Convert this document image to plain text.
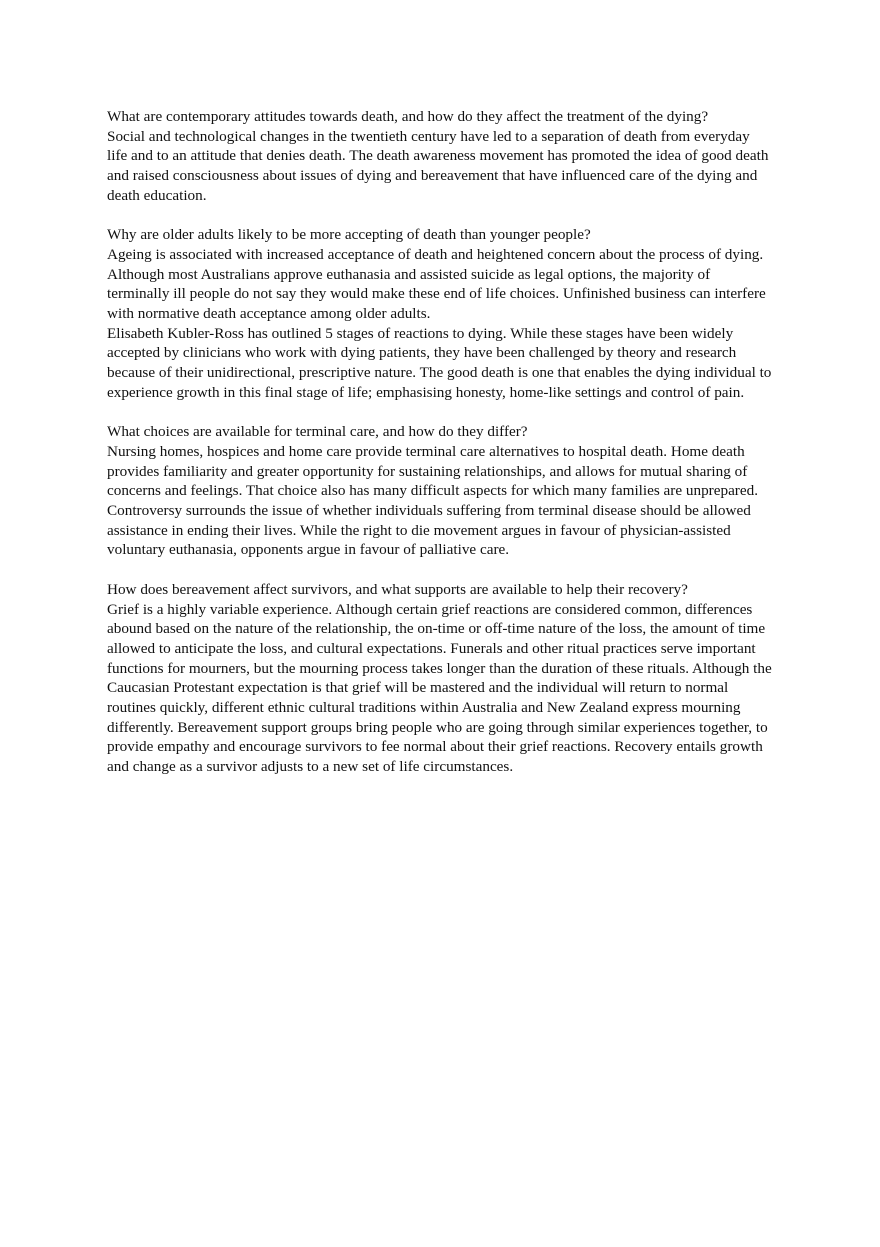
What are contemporary attitudes towards death, and how do they affect the treatment of the dying?

Social and technological changes in the twentieth century have led to a separation of death from everyday life and to an attitude that denies death. The death awareness movement has promoted the idea of good death and raised consciousness about issues of dying and bereavement that have influenced care of the dying and death education.

Why are older adults likely to be more accepting of death than younger people?

Ageing is associated with increased acceptance of death and heightened concern about the process of dying. Although most Australians approve euthanasia and assisted suicide as legal options, the majority of terminally ill people do not say they would make these end of life choices. Unfinished business can interfere with normative death acceptance among older adults.

Elisabeth Kubler-Ross has outlined 5 stages of reactions to dying. While these stages have been widely accepted by clinicians who work with dying patients, they have been challenged by theory and research because of their unidirectional, prescriptive nature. The good death is one that enables the dying individual to experience growth in this final stage of life; emphasising honesty, home-like settings and control of pain.

What choices are available for terminal care, and how do they differ?

Nursing homes, hospices and home care provide terminal care alternatives to hospital death. Home death provides familiarity and greater opportunity for sustaining relationships, and allows for mutual sharing of concerns and feelings. That choice also has many difficult aspects for which many families are unprepared.

Controversy surrounds the issue of whether individuals suffering from terminal disease should be allowed assistance in ending their lives. While the right to die movement argues in favour of physician-assisted voluntary euthanasia, opponents argue in favour of palliative care.

How does bereavement affect survivors, and what supports are available to help their recovery?

Grief is a highly variable experience. Although certain grief reactions are considered common, differences abound based on the nature of the relationship, the on-time or off-time nature of the loss, the amount of time allowed to anticipate the loss, and cultural expectations. Funerals and other ritual practices serve important functions for mourners, but the mourning process takes longer than the duration of these rituals. Although the Caucasian Protestant expectation is that grief will be mastered and the individual will return to normal routines quickly, different ethnic cultural traditions within Australia and New Zealand express mourning differently. Bereavement support groups bring people who are going through similar experiences together, to provide empathy and encourage survivors to fee normal about their grief reactions. Recovery entails growth and change as a survivor adjusts to a new set of life circumstances.
